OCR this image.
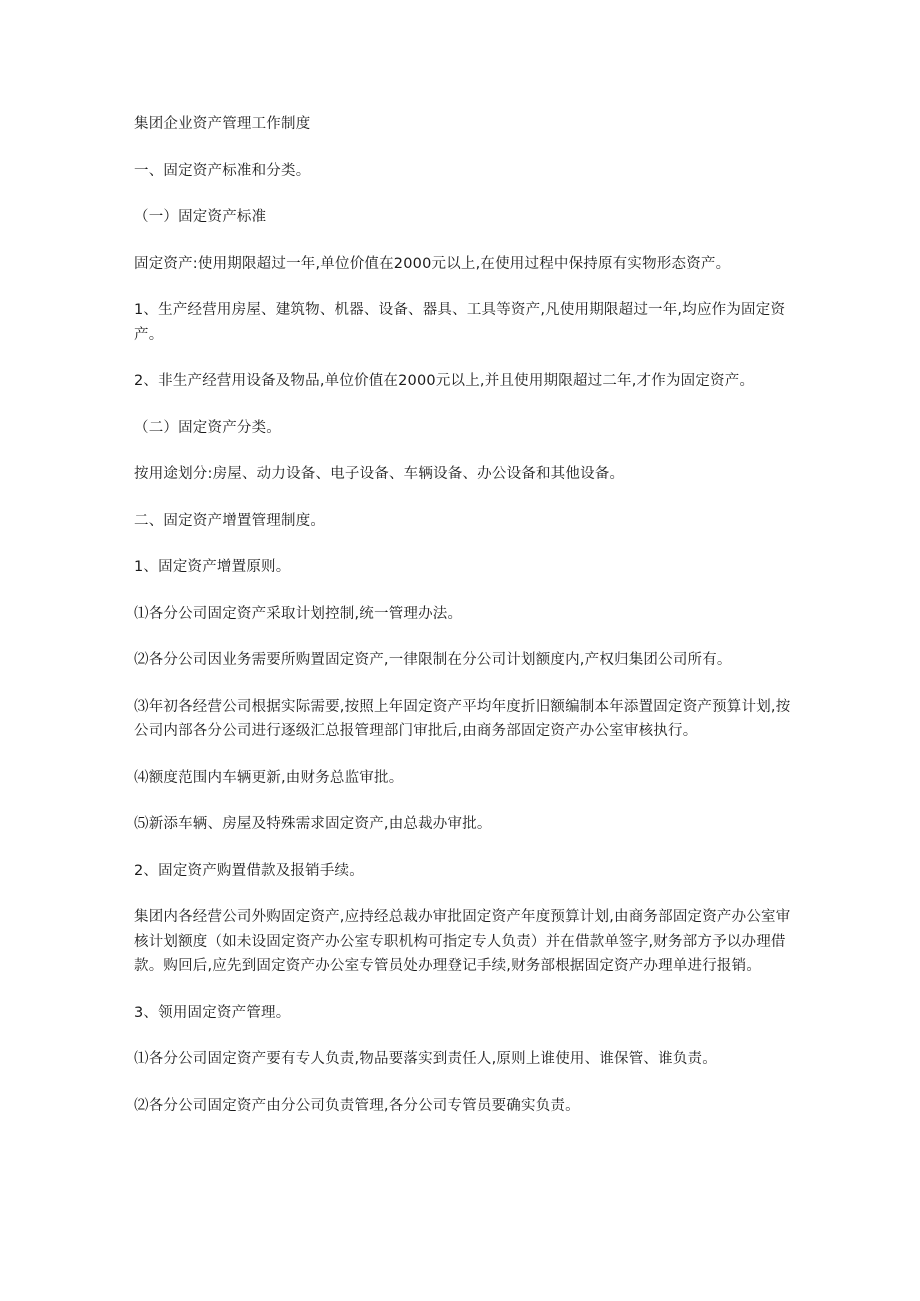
集团企业资产管理工作制度

一、固定资产标准和分类。

（一）固定资产标准

固定资产:使用期限超过一年,单位价值在2000元以上,在使用过程中保持原有实物形态资产。

1、生产经营用房屋、建筑物、机器、设备、器具、工具等资产,凡使用期限超过一年,均应作为固定资产。

2、非生产经营用设备及物品,单位价值在2000元以上,并且使用期限超过二年,才作为固定资产。

（二）固定资产分类。

按用途划分:房屋、动力设备、电子设备、车辆设备、办公设备和其他设备。

二、固定资产增置管理制度。

1、固定资产增置原则。

⑴各分公司固定资产采取计划控制,统一管理办法。

⑵各分公司因业务需要所购置固定资产,一律限制在分公司计划额度内,产权归集团公司所有。

⑶年初各经营公司根据实际需要,按照上年固定资产平均年度折旧额编制本年添置固定资产预算计划,按公司内部各分公司进行逐级汇总报管理部门审批后,由商务部固定资产办公室审核执行。

⑷额度范围内车辆更新,由财务总监审批。

⑸新添车辆、房屋及特殊需求固定资产,由总裁办审批。

2、固定资产购置借款及报销手续。

集团内各经营公司外购固定资产,应持经总裁办审批固定资产年度预算计划,由商务部固定资产办公室审核计划额度（如未设固定资产办公室专职机构可指定专人负责）并在借款单签字,财务部方予以办理借款。购回后,应先到固定资产办公室专管员处办理登记手续,财务部根据固定资产办理单进行报销。

3、领用固定资产管理。

⑴各分公司固定资产要有专人负责,物品要落实到责任人,原则上谁使用、谁保管、谁负责。

⑵各分公司固定资产由分公司负责管理,各分公司专管员要确实负责。
